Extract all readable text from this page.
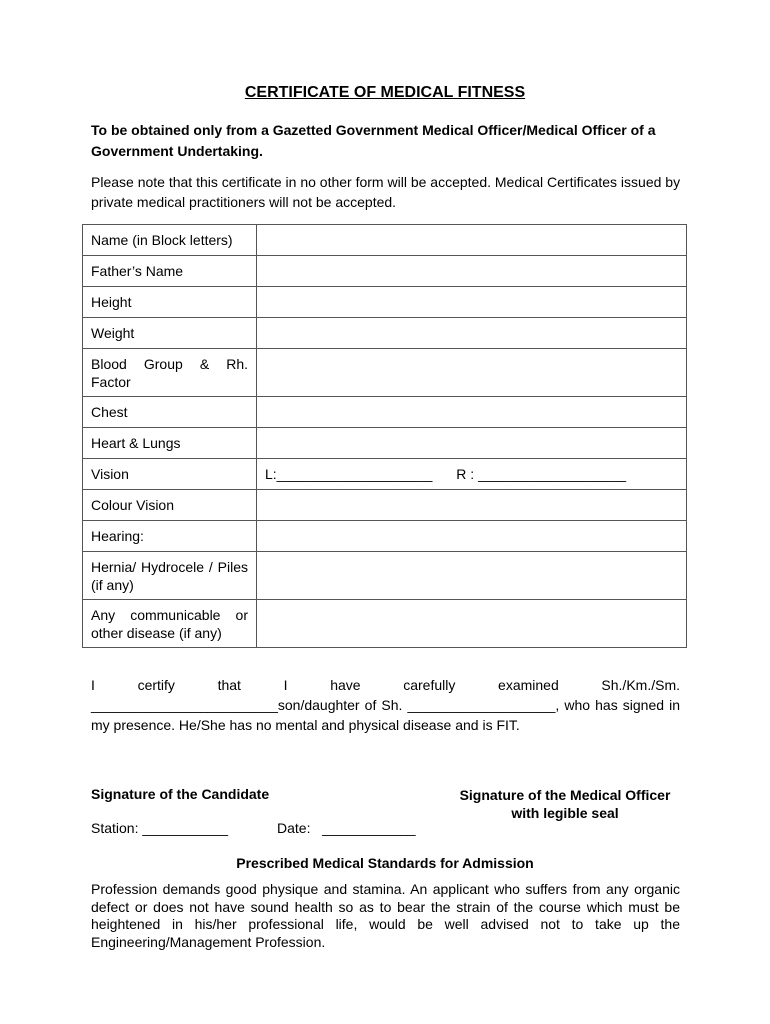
CERTIFICATE OF MEDICAL FITNESS
To be obtained only from a Gazetted Government Medical Officer/Medical Officer of a Government Undertaking.
Please note that this certificate in no other form will be accepted. Medical Certificates issued by private medical practitioners will not be accepted.
Name (in Block letters)	
Father’s Name	
Height	
Weight	
Blood Group & Rh. Factor	
Chest	
Heart & Lungs	
Vision	L:____________________ R : ___________________
Colour Vision	
Hearing:	
Hernia/ Hydrocele / Piles (if any)	
Any communicable or other disease (if any)	
I certify that I have carefully examined Sh./Km./Sm. ________________________son/daughter of Sh. ___________________, who has signed in my presence. He/She has no mental and physical disease and is FIT.
Signature of the Candidate	Signature of the Medical Officer
with legible seal
Station: ___________	Date:   ____________
Prescribed Medical Standards for Admission
Profession demands good physique and stamina. An applicant who suffers from any organic defect or does not have sound health so as to bear the strain of the course which must be heightened in his/her professional life, would be well advised not to take up the Engineering/Management Profession.
